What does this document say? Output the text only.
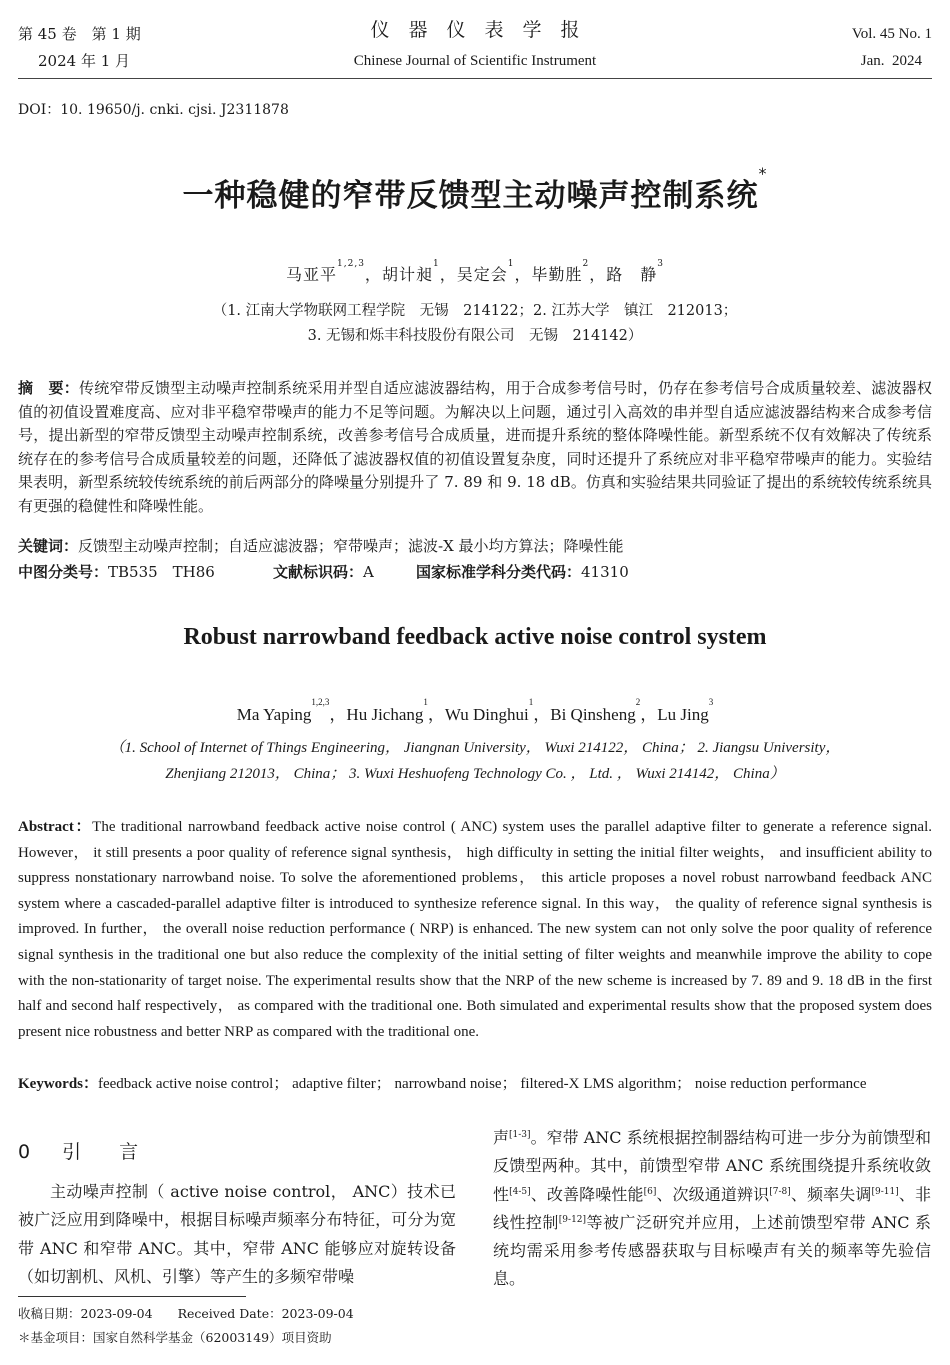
第 45 卷　第 1 期
2024 年 1 月
仪　器　仪　表　学　报
Chinese Journal of Scientific Instrument
Vol. 45 No. 1
Jan.  2024
DOI：10. 19650/j. cnki. cjsi. J2311878
一种稳健的窄带反馈型主动噪声控制系统*
马亚平$^{1,2,3}$，胡计昶$^1$，吴定会$^1$，毕勤胜$^2$，路　静$^3$
（1. 江南大学物联网工程学院　无锡　214122；2. 江苏大学　镇江　212013；
3. 无锡和烁丰科技股份有限公司　无锡　214142）
摘　要：传统窄带反馈型主动噪声控制系统采用并型自适应滤波器结构，用于合成参考信号时，仍存在参考信号合成质量较差、滤波器权值的初值设置难度高、应对非平稳窄带噪声的能力不足等问题。为解决以上问题，通过引入高效的串并型自适应滤波器结构来合成参考信号，提出新型的窄带反馈型主动噪声控制系统，改善参考信号合成质量，进而提升系统的整体降噪性能。新型系统不仅有效解决了传统系统存在的参考信号合成质量较差的问题，还降低了滤波器权值的初值设置复杂度，同时还提升了系统应对非平稳窄带噪声的能力。实验结果表明，新型系统较传统系统的前后两部分的降噪量分别提升了 7. 89 和 9. 18 dB。仿真和实验结果共同验证了提出的系统较传统系统具有更强的稳健性和降噪性能。
关键词：反馈型主动噪声控制；自适应滤波器；窄带噪声；滤波-X 最小均方算法；降噪性能
中图分类号：TB535　TH86	文献标识码：A	国家标准学科分类代码：41310
Robust narrowband feedback active noise control system
Ma Yaping$^{1,2,3}$，Hu Jichang$^1$，Wu Dinghui$^1$，Bi Qinsheng$^2$，Lu Jing$^3$
（1. School of Internet of Things Engineering， Jiangnan University， Wuxi 214122， China； 2. Jiangsu University，
Zhenjiang 212013， China； 3. Wuxi Heshuofeng Technology Co. ， Ltd. ， Wuxi 214142， China）
Abstract：The traditional narrowband feedback active noise control ( ANC) system uses the parallel adaptive filter to generate a reference signal. However， it still presents a poor quality of reference signal synthesis， high difficulty in setting the initial filter weights， and insufficient ability to suppress nonstationary narrowband noise. To solve the aforementioned problems， this article proposes a novel robust narrowband feedback ANC system where a cascaded-parallel adaptive filter is introduced to synthesize reference signal. In this way， the quality of reference signal synthesis is improved. In further， the overall noise reduction performance ( NRP) is enhanced. The new system can not only solve the poor quality of reference signal synthesis in the traditional one but also reduce the complexity of the initial setting of filter weights and meanwhile improve the ability to cope with the non-stationarity of target noise. The experimental results show that the NRP of the new scheme is increased by 7. 89 and 9. 18 dB in the first half and second half respectively， as compared with the traditional one. Both simulated and experimental results show that the proposed system does present nice robustness and better NRP as compared with the traditional one.
Keywords：feedback active noise control； adaptive filter； narrowband noise； filtered-X LMS algorithm； noise reduction performance
0 引　　言
主动噪声控制（ active noise control， ANC）技术已被广泛应用到降噪中，根据目标噪声频率分布特征，可分为宽带 ANC 和窄带 ANC。其中，窄带 ANC 能够应对旋转设备（如切割机、风机、引擎）等产生的多频窄带噪
声[1-3]。窄带 ANC 系统根据控制器结构可进一步分为前馈型和反馈型两种。其中，前馈型窄带 ANC 系统围绕提升系统收敛性[4-5]、改善降噪性能[6]、次级通道辨识[7-8]、频率失调[9-11]、非线性控制[9-12]等被广泛研究并应用，上述前馈型窄带 ANC 系统均需采用参考传感器获取与目标噪声有关的频率等先验信息。
收稿日期：2023-09-04　　Received Date：2023-09-04
＊基金项目：国家自然科学基金（62003149）项目资助
